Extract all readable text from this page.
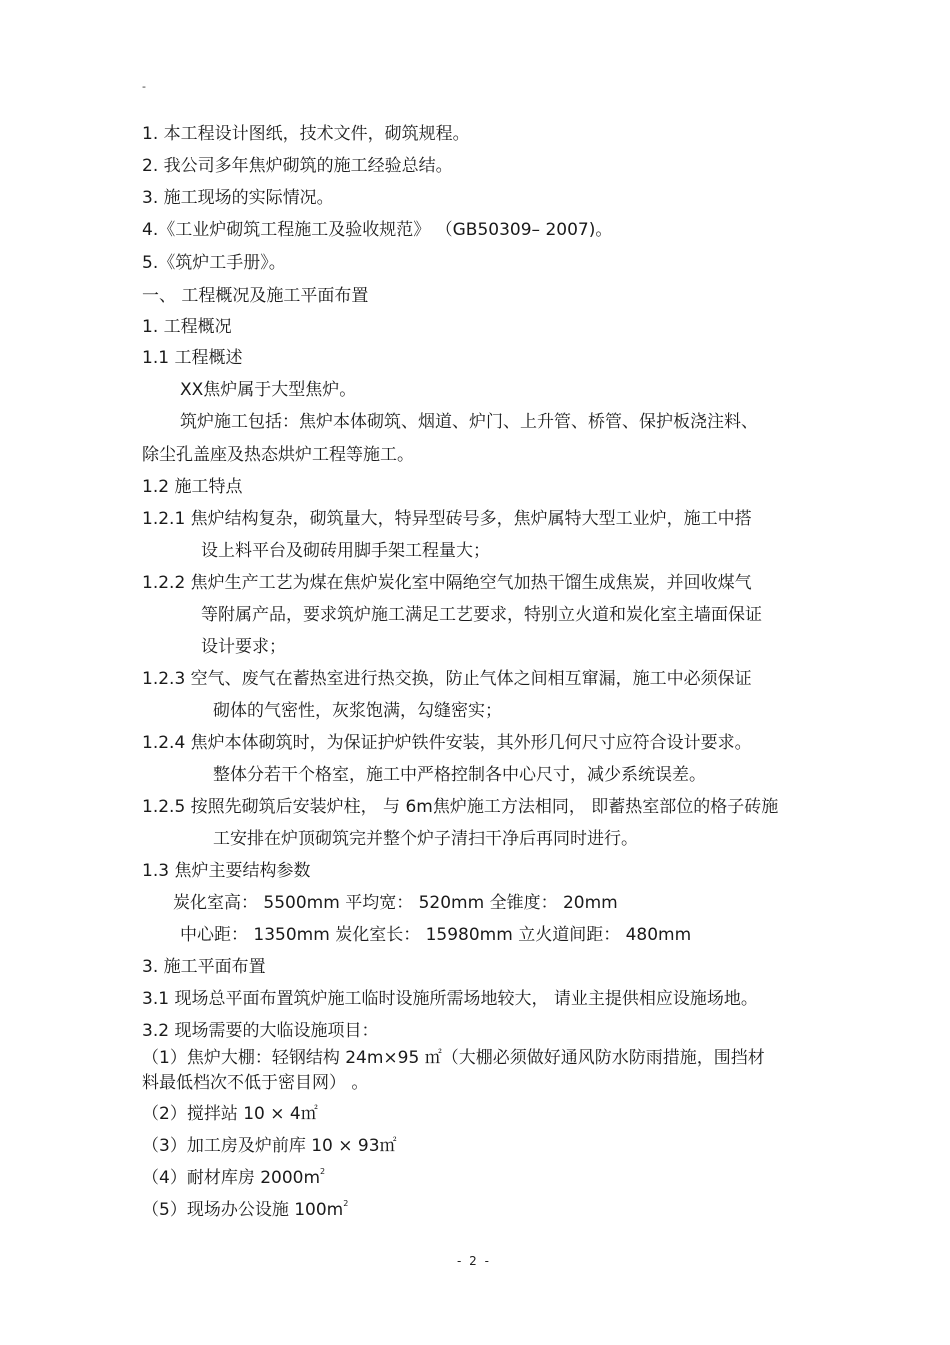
-
1. 本工程设计图纸，技术文件，砌筑规程。
2. 我公司多年焦炉砌筑的施工经验总结。
3. 施工现场的实际情况。
4.《工业炉砌筑工程施工及验收规范》 （GB50309– 2007)。
5.《筑炉工手册》。
一、 工程概况及施工平面布置
1. 工程概况
1.1 工程概述
XX焦炉属于大型焦炉。
筑炉施工包括：焦炉本体砌筑、烟道、炉门、上升管、桥管、保护板浇注料、
除尘孔盖座及热态烘炉工程等施工。
1.2 施工特点
1.2.1 焦炉结构复杂，砌筑量大，特异型砖号多，焦炉属特大型工业炉，施工中搭
设上料平台及砌砖用脚手架工程量大；
1.2.2 焦炉生产工艺为煤在焦炉炭化室中隔绝空气加热干馏生成焦炭，并回收煤气
等附属产品，要求筑炉施工满足工艺要求，特别立火道和炭化室主墙面保证
设计要求；
1.2.3 空气、废气在蓄热室进行热交换，防止气体之间相互窜漏，施工中必须保证
砌体的气密性，灰浆饱满，勾缝密实；
1.2.4 焦炉本体砌筑时，为保证护炉铁件安装，其外形几何尺寸应符合设计要求。
整体分若干个格室，施工中严格控制各中心尺寸，减少系统误差。
1.2.5 按照先砌筑后安装炉柱， 与 6m焦炉施工方法相同， 即蓄热室部位的格子砖施
工安排在炉顶砌筑完并整个炉子清扫干净后再同时进行。
1.3 焦炉主要结构参数
炭化室高： 5500mm 平均宽： 520mm 全锥度： 20mm
中心距： 1350mm 炭化室长： 15980mm 立火道间距： 480mm
3. 施工平面布置
3.1 现场总平面布置筑炉施工临时设施所需场地较大， 请业主提供相应设施场地。
3.2 现场需要的大临设施项目：
（1）焦炉大棚：轻钢结构 24m×95 ㎡（大棚必须做好通风防水防雨措施，围挡材
料最低档次不低于密目网） 。
（2）搅拌站 10 × 4㎡
（3）加工房及炉前库 10 × 93㎡
（4）耐材库房 $2000m^2$
（5）现场办公设施 $100m^2$
- 2 -
